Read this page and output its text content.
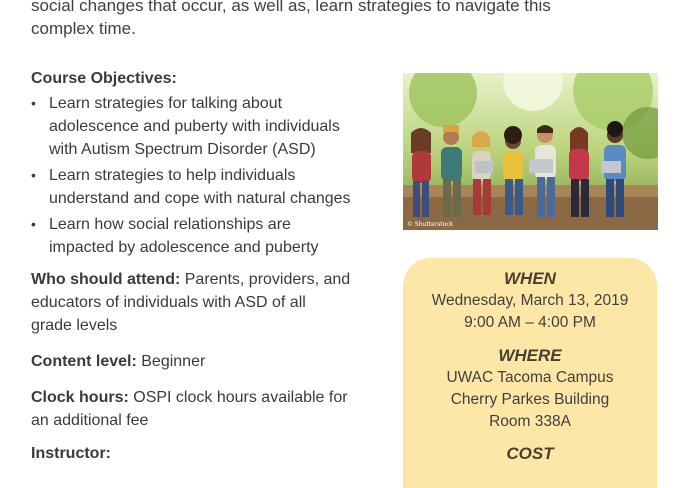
social changes that occur, as well as, learn strategies to navigate this
complex time.
Course Objectives:
• Learn strategies for talking about
adolescence and puberty with individuals
with Autism Spectrum Disorder (ASD)
• Learn strategies to help individuals
understand and cope with natural changes
• Learn how social relationships are
impacted by adolescence and puberty
Who should attend: Parents, providers, and
educators of individuals with ASD of all
grade levels
Content level: Beginner
Clock hours: OSPI clock hours available for
an additional fee
Instructor:
© Shutterstock
WHEN
Wednesday, March 13, 2019
9:00 AM – 4:00 PM
WHERE
UWAC Tacoma Campus
Cherry Parkes Building
Room 338A
COST
